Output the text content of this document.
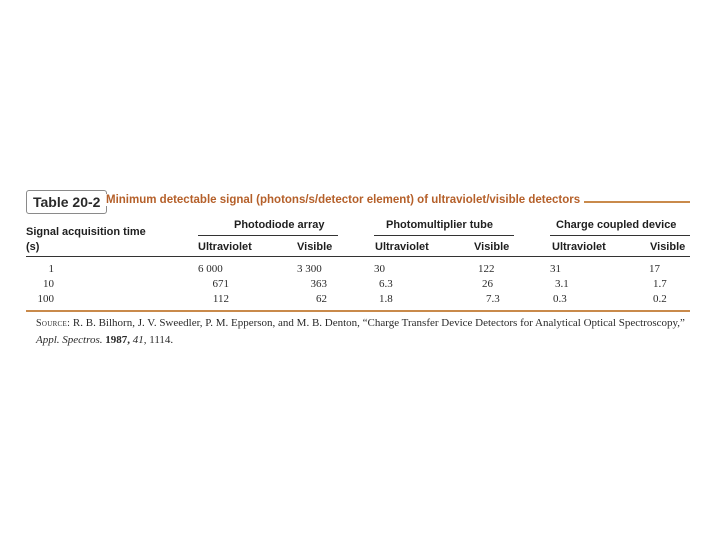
Table 20-2 Minimum detectable signal (photons/s/detector element) of ultraviolet/visible detectors
Signal acquisition time
(s)
Photodiode array	Photomultiplier tube	Charge coupled device
Ultraviolet	Visible	Ultraviolet	Visible	Ultraviolet	Visible
1	6 000	3 300	30	122	31	17
10	671	363	6.3	26	3.1	1.7
100	112	62	1.8	7.3	0.3	0.2
Source: R. B. Bilhorn, J. V. Sweedler, P. M. Epperson, and M. B. Denton, “Charge Transfer Device Detectors for Analytical Optical Spectroscopy,” Appl. Spectros. 1987, 41, 1114.
